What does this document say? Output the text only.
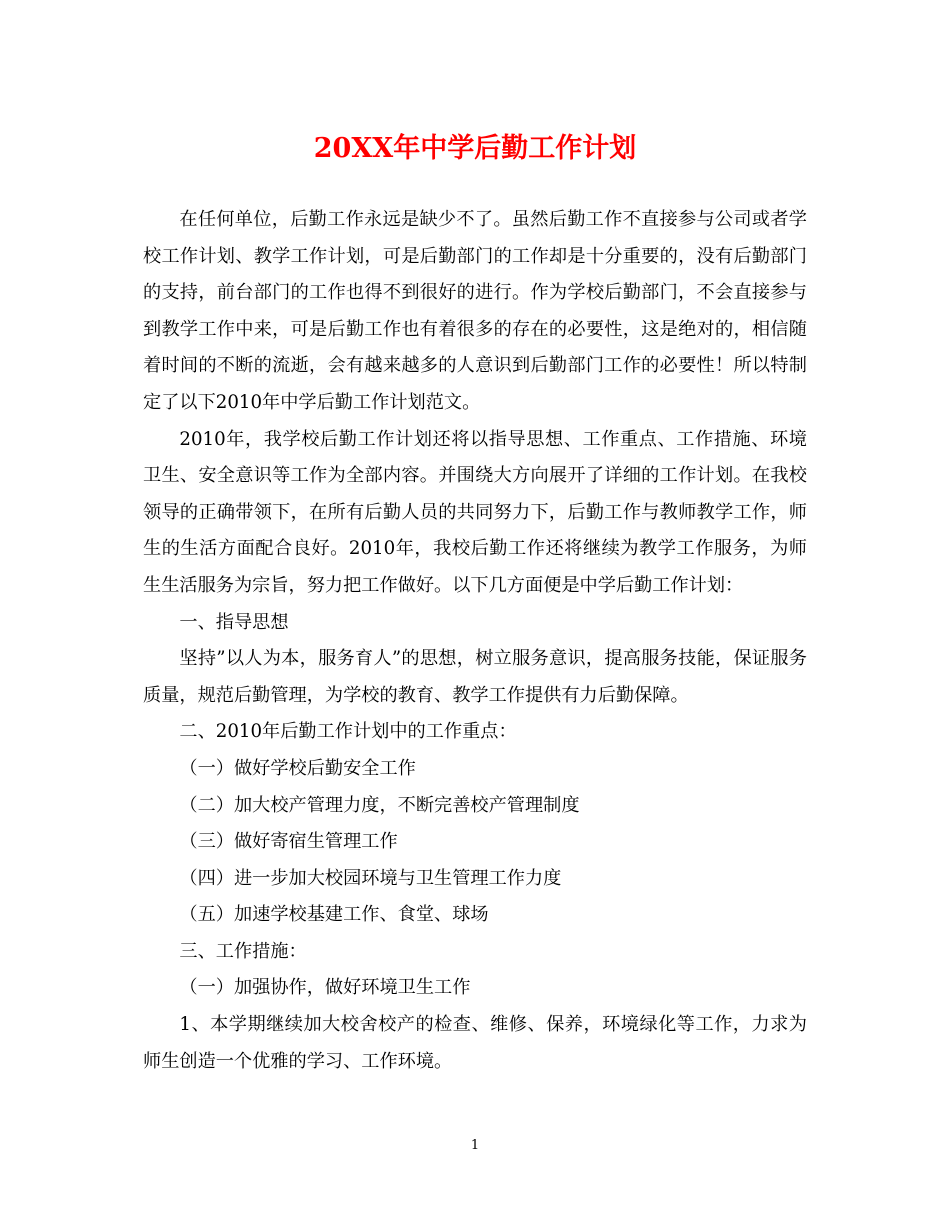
20XX年中学后勤工作计划

在任何单位，后勤工作永远是缺少不了。虽然后勤工作不直接参与公司或者学校工作计划、教学工作计划，可是后勤部门的工作却是十分重要的，没有后勤部门的支持，前台部门的工作也得不到很好的进行。作为学校后勤部门，不会直接参与到教学工作中来，可是后勤工作也有着很多的存在的必要性，这是绝对的，相信随着时间的不断的流逝，会有越来越多的人意识到后勤部门工作的必要性！所以特制定了以下2010年中学后勤工作计划范文。

2010年，我学校后勤工作计划还将以指导思想、工作重点、工作措施、环境卫生、安全意识等工作为全部内容。并围绕大方向展开了详细的工作计划。在我校领导的正确带领下，在所有后勤人员的共同努力下，后勤工作与教师教学工作，师生的生活方面配合良好。2010年，我校后勤工作还将继续为教学工作服务，为师生生活服务为宗旨，努力把工作做好。以下几方面便是中学后勤工作计划：

一、指导思想

坚持”以人为本，服务育人”的思想，树立服务意识，提高服务技能，保证服务质量，规范后勤管理，为学校的教育、教学工作提供有力后勤保障。

二、2010年后勤工作计划中的工作重点：

（一）做好学校后勤安全工作

（二）加大校产管理力度，不断完善校产管理制度

（三）做好寄宿生管理工作

（四）进一步加大校园环境与卫生管理工作力度

（五）加速学校基建工作、食堂、球场

三、工作措施：

（一）加强协作，做好环境卫生工作

1、本学期继续加大校舍校产的检查、维修、保养，环境绿化等工作，力求为师生创造一个优雅的学习、工作环境。

1
